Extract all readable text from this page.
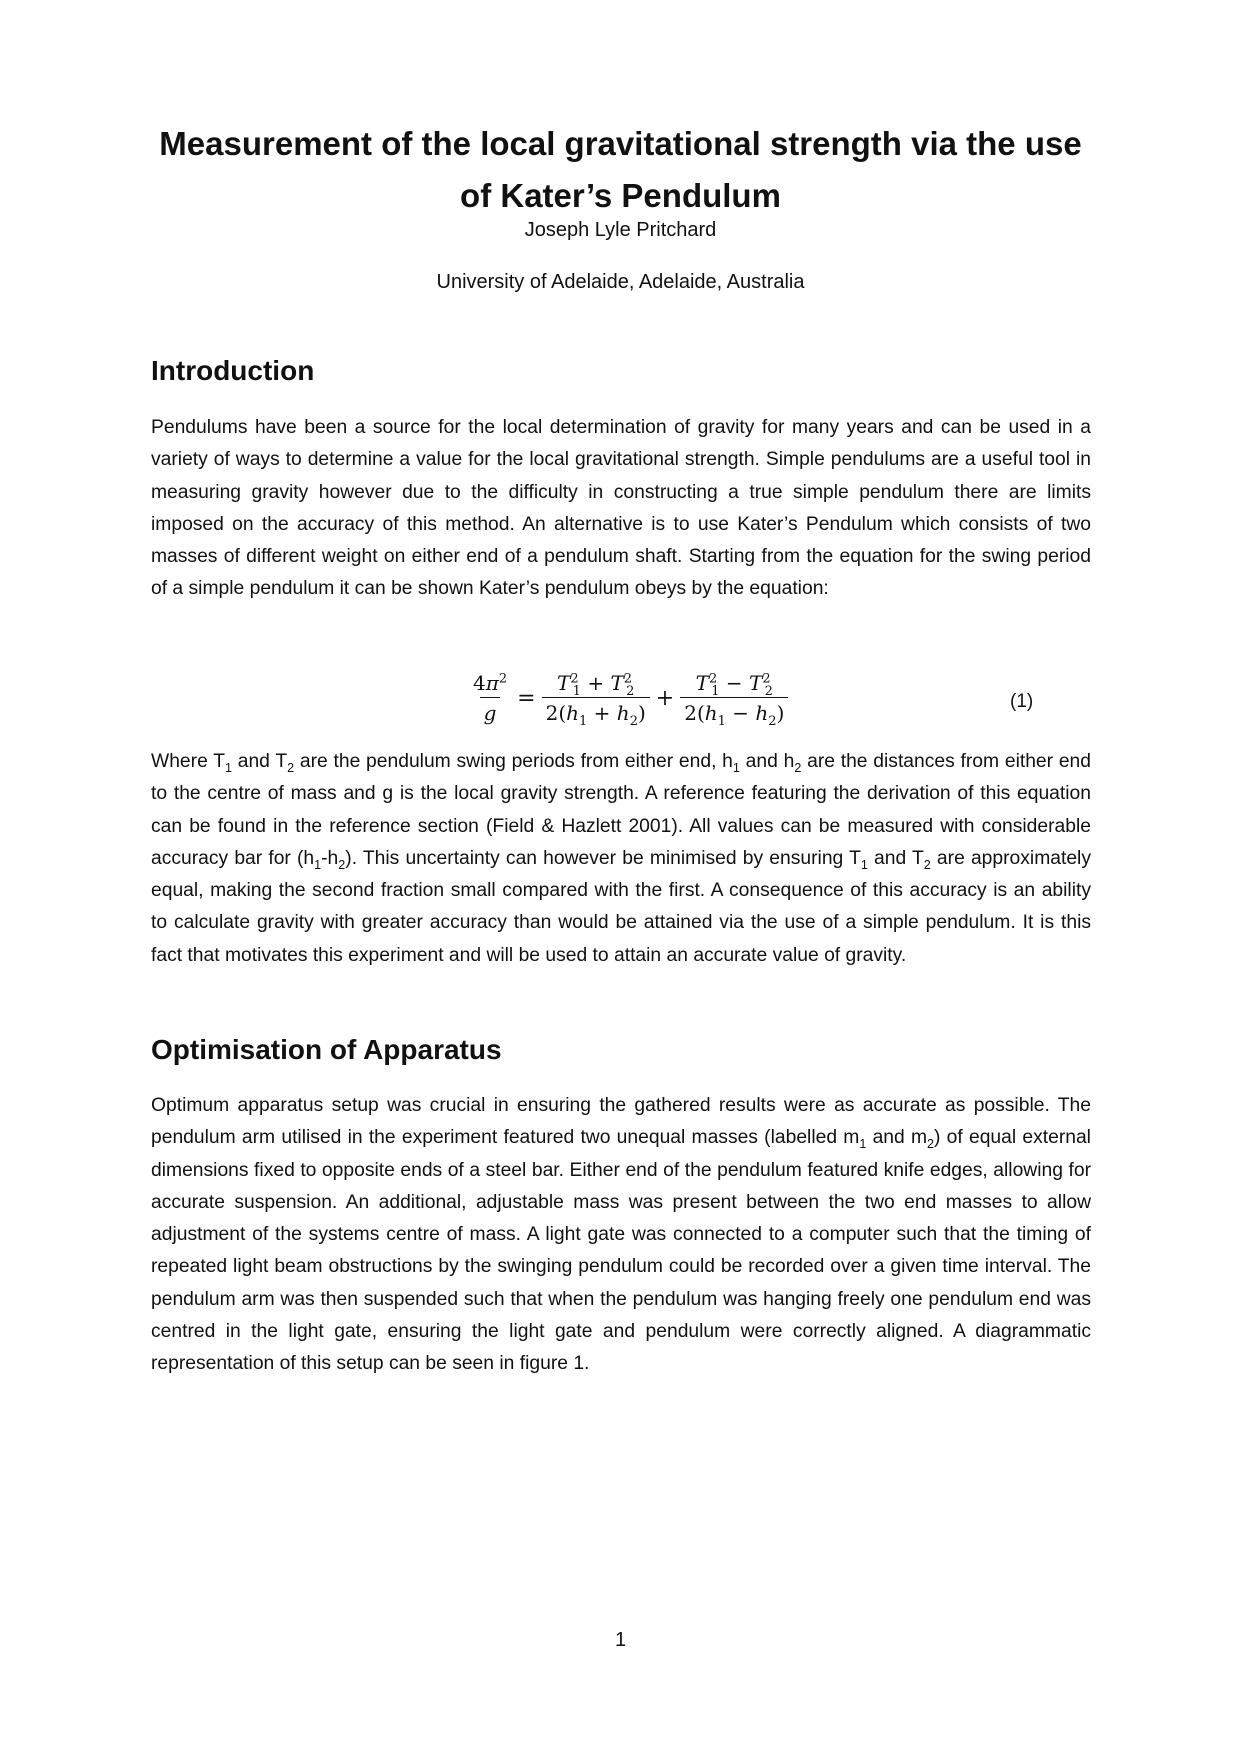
Measurement of the local gravitational strength via the use of Kater’s Pendulum

Joseph Lyle Pritchard

University of Adelaide, Adelaide, Australia

Introduction

Pendulums have been a source for the local determination of gravity for many years and can be used in a variety of ways to determine a value for the local gravitational strength. Simple pendulums are a useful tool in measuring gravity however due to the difficulty in constructing a true simple pendulum there are limits imposed on the accuracy of this method. An alternative is to use Kater’s Pendulum which consists of two masses of different weight on either end of a pendulum shaft. Starting from the equation for the swing period of a simple pendulum it can be shown Kater’s pendulum obeys by the equation:

$\frac{4\pi^2}{g} = \frac{T^2_1 + T^2_2}{2(h_1 + h_2)} + \frac{T^2_1 - T^2_2}{2(h_1 - h_2)}$	(1)

Where $T_1$ and $T_2$ are the pendulum swing periods from either end, $h_1$ and $h_2$ are the distances from either end to the centre of mass and g is the local gravity strength. A reference featuring the derivation of this equation can be found in the reference section (Field & Hazlett 2001). All values can be measured with considerable accuracy bar for $(h_1-h_2)$. This uncertainty can however be minimised by ensuring $T_1$ and $T_2$ are approximately equal, making the second fraction small compared with the first. A consequence of this accuracy is an ability to calculate gravity with greater accuracy than would be attained via the use of a simple pendulum. It is this fact that motivates this experiment and will be used to attain an accurate value of gravity.

Optimisation of Apparatus

Optimum apparatus setup was crucial in ensuring the gathered results were as accurate as possible. The pendulum arm utilised in the experiment featured two unequal masses (labelled $m_1$ and $m_2$) of equal external dimensions fixed to opposite ends of a steel bar. Either end of the pendulum featured knife edges, allowing for accurate suspension. An additional, adjustable mass was present between the two end masses to allow adjustment of the systems centre of mass. A light gate was connected to a computer such that the timing of repeated light beam obstructions by the swinging pendulum could be recorded over a given time interval. The pendulum arm was then suspended such that when the pendulum was hanging freely one pendulum end was centred in the light gate, ensuring the light gate and pendulum were correctly aligned. A diagrammatic representation of this setup can be seen in figure 1.

1
